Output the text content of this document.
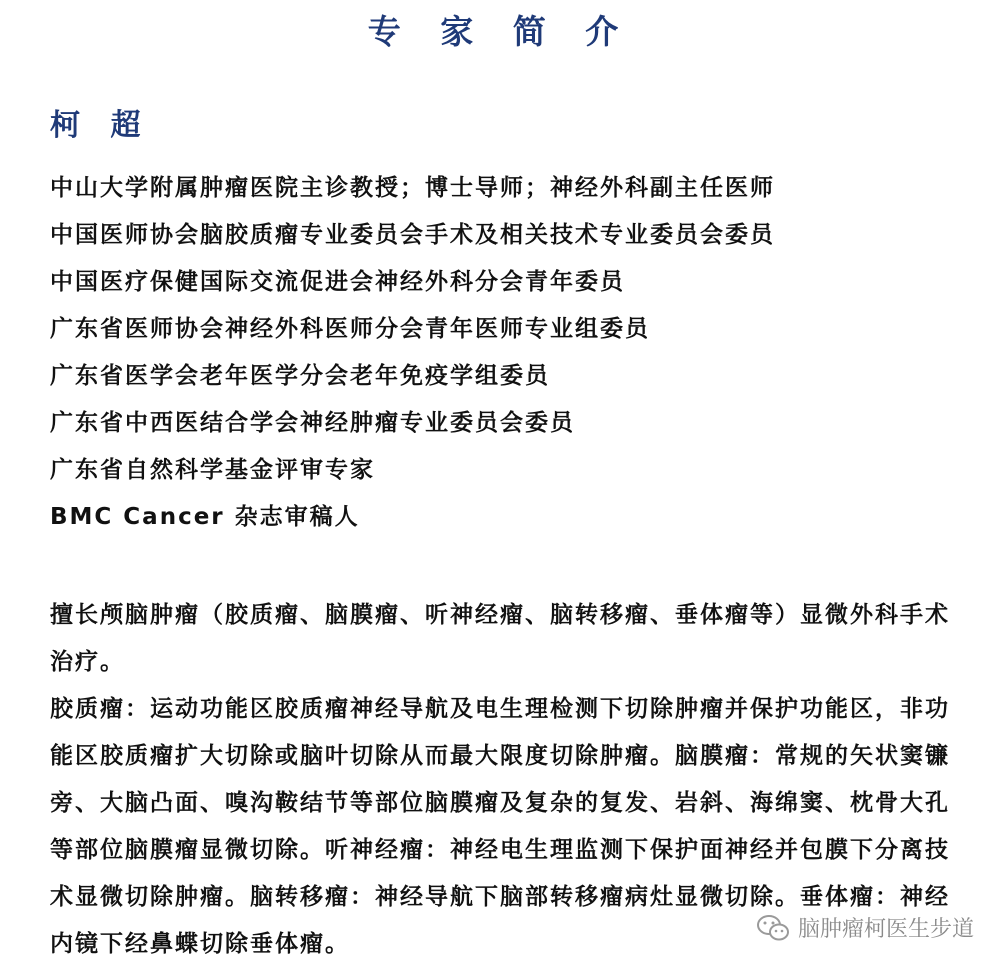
专 家 简 介
柯 超
中山大学附属肿瘤医院主诊教授；博士导师；神经外科副主任医师
中国医师协会脑胶质瘤专业委员会手术及相关技术专业委员会委员
中国医疗保健国际交流促进会神经外科分会青年委员
广东省医师协会神经外科医师分会青年医师专业组委员
广东省医学会老年医学分会老年免疫学组委员
广东省中西医结合学会神经肿瘤专业委员会委员
广东省自然科学基金评审专家
BMC Cancer 杂志审稿人

擅长颅脑肿瘤（胶质瘤、脑膜瘤、听神经瘤、脑转移瘤、垂体瘤等）显微外科手术治疗。

胶质瘤：运动功能区胶质瘤神经导航及电生理检测下切除肿瘤并保护功能区，非功能区胶质瘤扩大切除或脑叶切除从而最大限度切除肿瘤。脑膜瘤：常规的矢状窦镰旁、大脑凸面、嗅沟鞍结节等部位脑膜瘤及复杂的复发、岩斜、海绵窦、枕骨大孔等部位脑膜瘤显微切除。听神经瘤：神经电生理监测下保护面神经并包膜下分离技术显微切除肿瘤。脑转移瘤：神经导航下脑部转移瘤病灶显微切除。垂体瘤：神经内镜下经鼻蝶切除垂体瘤。

脑肿瘤柯医生步道
